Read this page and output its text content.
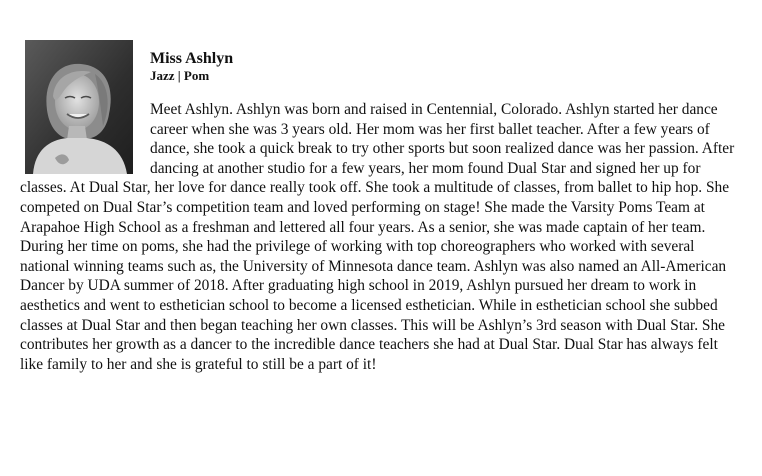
Miss Ashlyn
Jazz | Pom

Meet Ashlyn. Ashlyn was born and raised in Centennial, Colorado. Ashlyn started her dance career when she was 3 years old. Her mom was her first ballet teacher. After a few years of dance, she took a quick break to try other sports but soon realized dance was her passion. After dancing at another studio for a few years, her mom found Dual Star and signed her up for classes. At Dual Star, her love for dance really took off. She took a multitude of classes, from ballet to hip hop. She competed on Dual Star’s competition team and loved performing on stage! She made the Varsity Poms Team at Arapahoe High School as a freshman and lettered all four years. As a senior, she was made captain of her team. During her time on poms, she had the privilege of working with top choreographers who worked with several national winning teams such as, the University of Minnesota dance team. Ashlyn was also named an All-American Dancer by UDA summer of 2018. After graduating high school in 2019, Ashlyn pursued her dream to work in aesthetics and went to esthetician school to become a licensed esthetician. While in esthetician school she subbed classes at Dual Star and then began teaching her own classes. This will be Ashlyn’s 3rd season with Dual Star. She contributes her growth as a dancer to the incredible dance teachers she had at Dual Star. Dual Star has always felt like family to her and she is grateful to still be a part of it!
